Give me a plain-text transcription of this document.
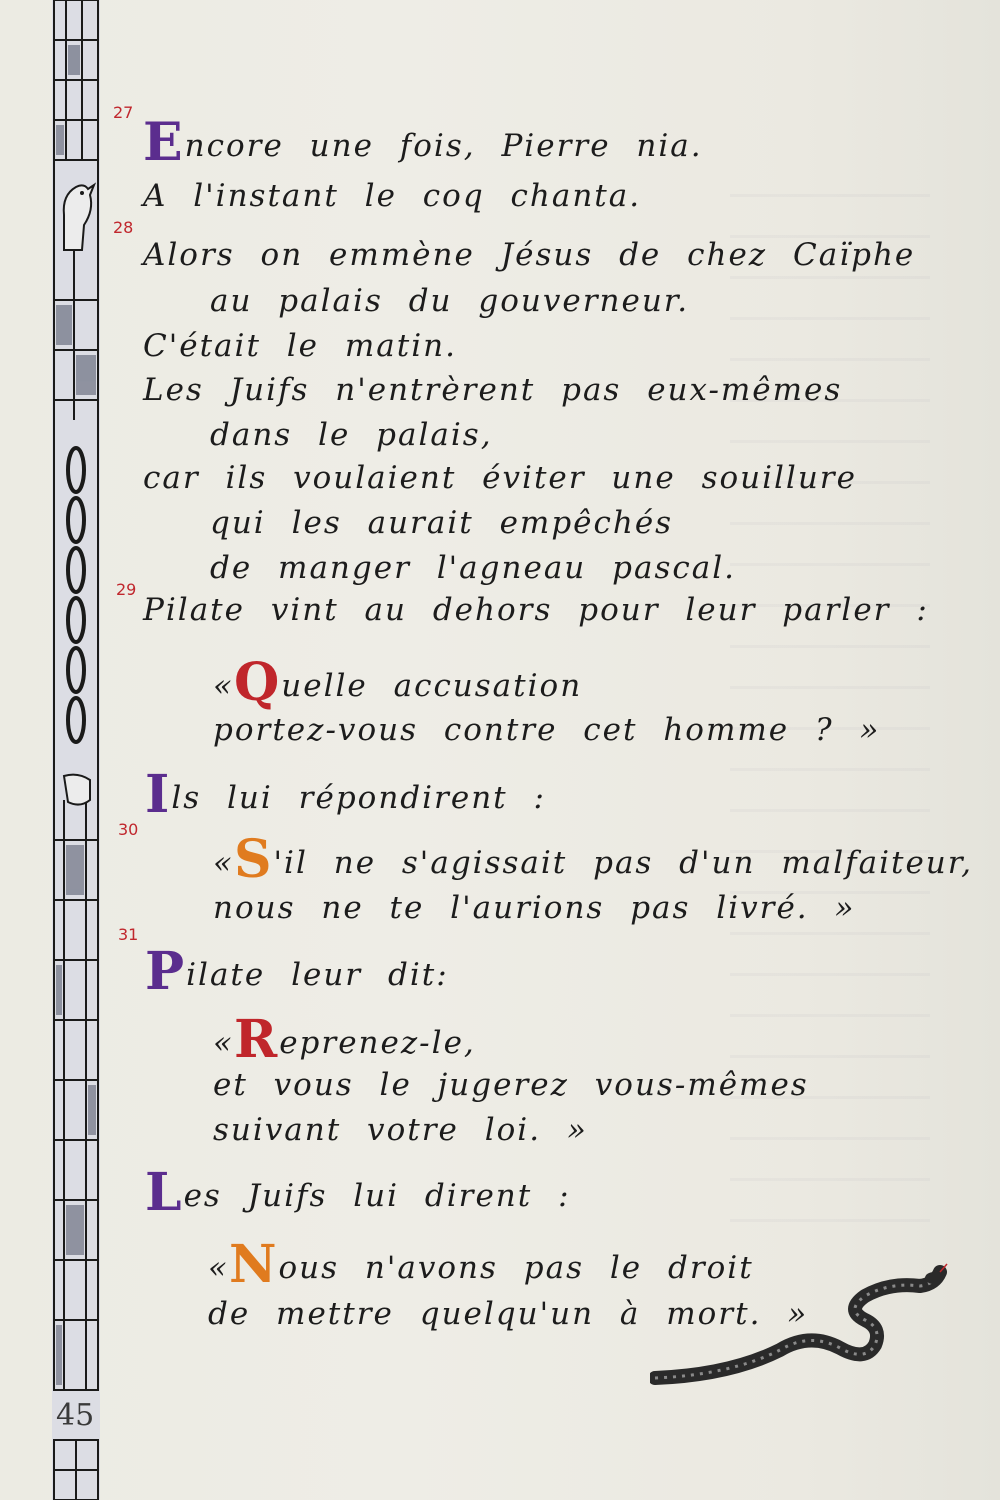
45
27 Encore une fois, Pierre nia.
A l'instant le coq chanta.
28
Alors on emmène Jésus de chez Caïphe
au palais du gouverneur.
C'était le matin.
Les Juifs n'entrèrent pas eux-mêmes
dans le palais,
car ils voulaient éviter une souillure
qui les aurait empêchés
de manger l'agneau pascal.
29
Pilate vint au dehors pour leur parler :
«Quelle accusation
portez-vous contre cet homme ? »
Ils lui répondirent :
30
«S'il ne s'agissait pas d'un malfaiteur,
nous ne te l'aurions pas livré. »
31
Pilate leur dit:
«Reprenez-le,
et vous le jugerez vous-mêmes
suivant votre loi. »
Les Juifs lui dirent :
«Nous n'avons pas le droit
de mettre quelqu'un à mort. »
